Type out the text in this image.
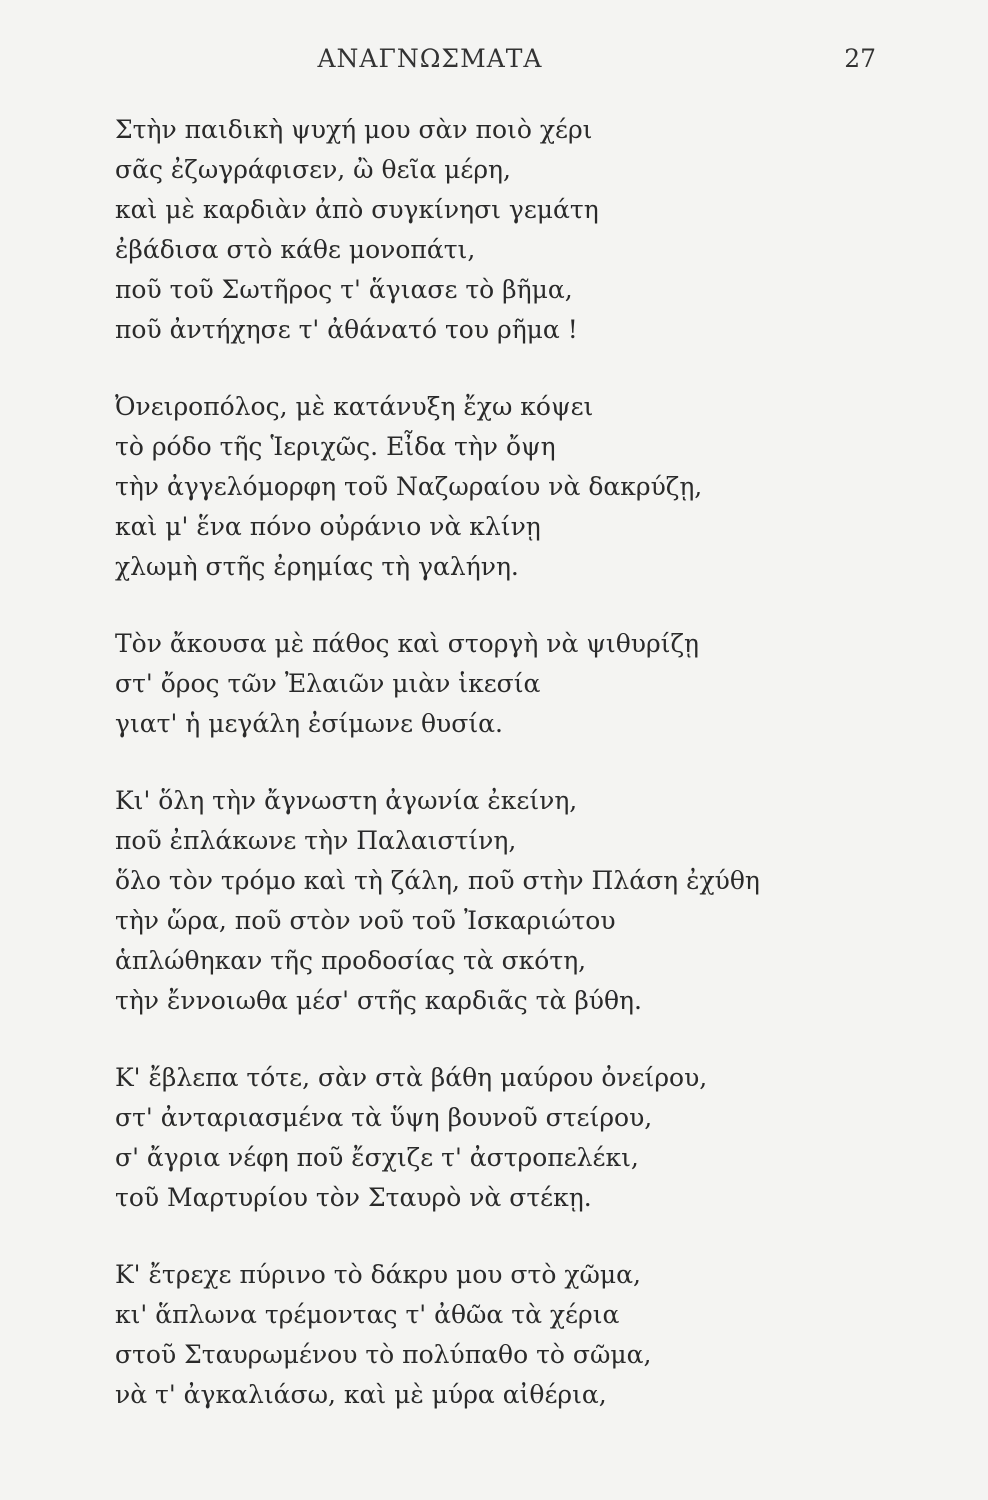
ΑΝΑΓΝΩΣΜΑΤΑ	27
Στὴν παιδικὴ ψυχή μου σὰν ποιὸ χέρι
σᾶς ἐζωγράφισεν, ὢ θεῖα μέρη,
καὶ μὲ καρδιὰν ἀπὸ συγκίνησι γεμάτη
ἐβάδισα στὸ κάθε μονοπάτι,
ποῦ τοῦ Σωτῆρος τ' ἅγιασε τὸ βῆμα,
ποῦ ἀντήχησε τ' ἀθάνατό του ρῆμα !
Ὀνειροπόλος, μὲ κατάνυξη ἔχω κόψει
τὸ ρόδο τῆς Ἱεριχῶς. Εἶδα τὴν ὄψη
τὴν ἀγγελόμορφη τοῦ Ναζωραίου νὰ δακρύζῃ,
καὶ μ' ἕνα πόνο οὐράνιο νὰ κλίνῃ
χλωμὴ στῆς ἐρημίας τὴ γαλήνη.
Τὸν ἄκουσα μὲ πάθος καὶ στοργὴ νὰ ψιθυρίζῃ
στ' ὄρος τῶν Ἐλαιῶν μιὰν ἱκεσία
γιατ' ἡ μεγάλη ἐσίμωνε θυσία.
Κι' ὅλη τὴν ἄγνωστη ἀγωνία ἐκείνη,
ποῦ ἐπλάκωνε τὴν Παλαιστίνη,
ὅλο τὸν τρόμο καὶ τὴ ζάλη, ποῦ στὴν Πλάση ἐχύθη
τὴν ὥρα, ποῦ στὸν νοῦ τοῦ Ἰσκαριώτου
ἁπλώθηκαν τῆς προδοσίας τὰ σκότη,
τὴν ἔννοιωθα μέσ' στῆς καρδιᾶς τὰ βύθη.
Κ' ἔβλεπα τότε, σὰν στὰ βάθη μαύρου ὀνείρου,
στ' ἀνταριασμένα τὰ ὕψη βουνοῦ στείρου,
σ' ἄγρια νέφη ποῦ ἔσχιζε τ' ἀστροπελέκι,
τοῦ Μαρτυρίου τὸν Σταυρὸ νὰ στέκῃ.
Κ' ἔτρεχε πύρινο τὸ δάκρυ μου στὸ χῶμα,
κι' ἅπλωνα τρέμοντας τ' ἀθῶα τὰ χέρια
στοῦ Σταυρωμένου τὸ πολύπαθο τὸ σῶμα,
νὰ τ' ἀγκαλιάσω, καὶ μὲ μύρα αἰθέρια,
